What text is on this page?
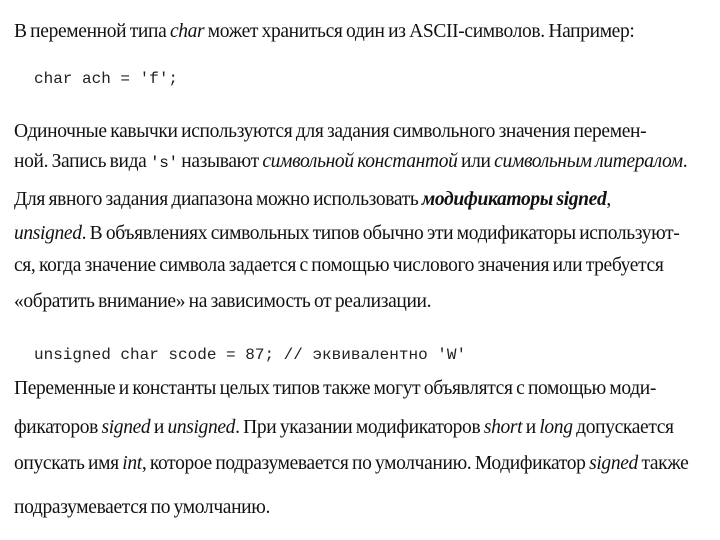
В переменной типа char может храниться один из ASCII-символов. Например:
char ach = 'f';
Одиночные кавычки используются для задания символьного значения перемен-
ной. Запись вида 's' называют символьной константой или символьным литералом.
Для явного задания диапазона можно использовать модификаторы signed,
unsigned. В объявлениях символьных типов обычно эти модификаторы используют-
ся, когда значение символа задается с помощью числового значения или требуется
«обратить внимание» на зависимость от реализации.
unsigned char scode = 87; // эквивалентно 'W'
Переменные и константы целых типов также могут объявлятся с помощью моди-
фикаторов signed и unsigned. При указании модификаторов short и long допускается
опускать имя int, которое подразумевается по умолчанию. Модификатор signed также
подразумевается по умолчанию.
